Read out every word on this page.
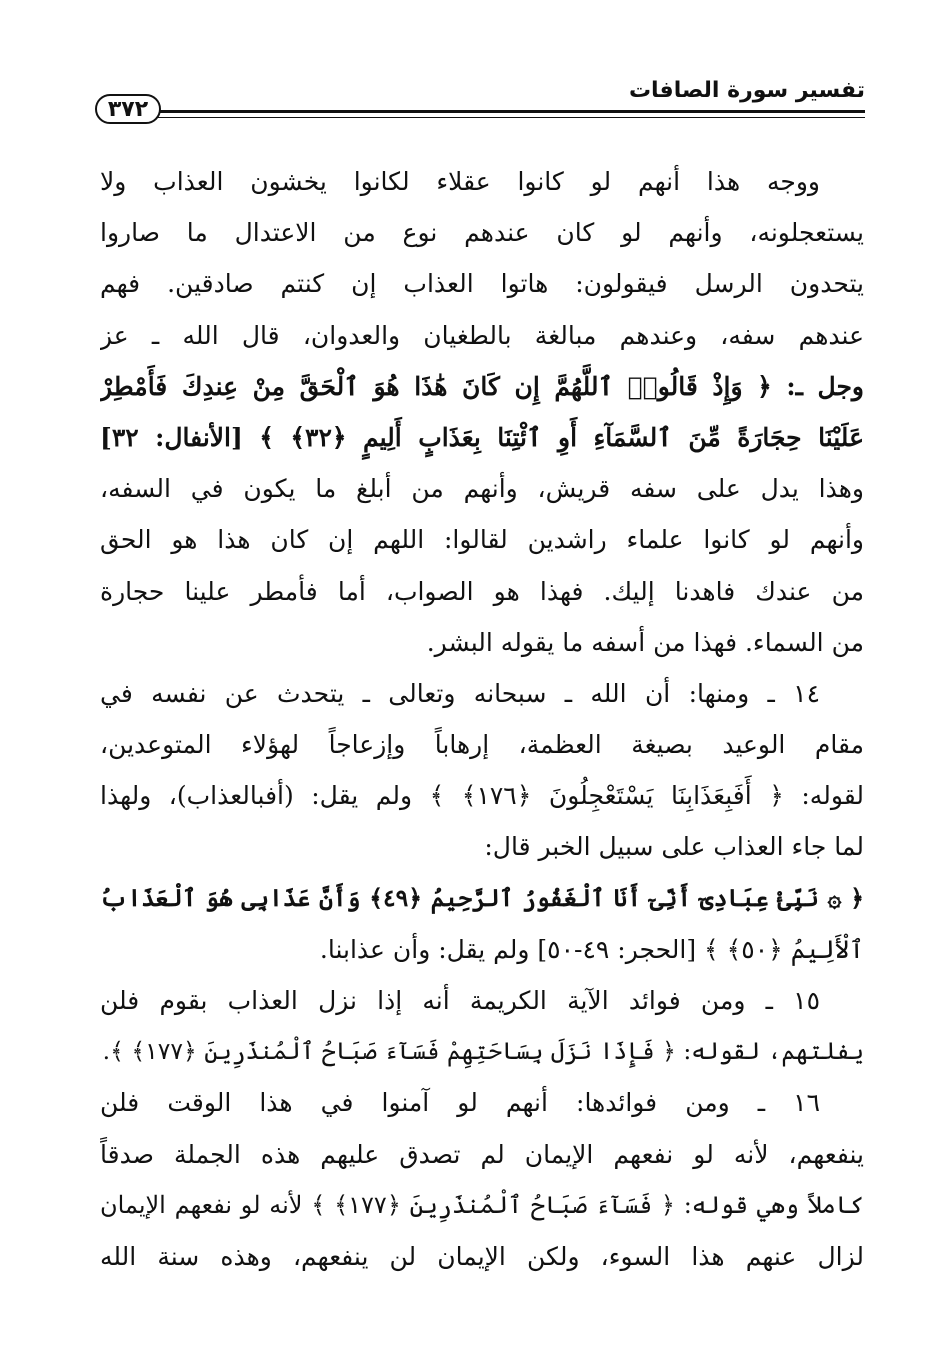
تفسير سورة الصافات
٣٧٢
ووجه هذا أنهم لو كانوا عقلاء لكانوا يخشون العذاب ولا
يستعجلونه، وأنهم لو كان عندهم نوع من الاعتدال ما صاروا
يتحدون الرسل فيقولون: هاتوا العذاب إن كنتم صادقين. فهم
عندهم سفه، وعندهم مبالغة بالطغيان والعدوان، قال الله ـ عز
وجل ـ: ﴿ وَإِذْ قَالُوا۟ ٱللَّهُمَّ إِن كَانَ هَٰذَا هُوَ ٱلْحَقَّ مِنْ عِندِكَ فَأَمْطِرْ
عَلَيْنَا حِجَارَةً مِّنَ ٱلسَّمَآءِ أَوِ ٱئْتِنَا بِعَذَابٍ أَلِيمٍ ﴿٣٢﴾ ﴾ [الأنفال: ٣٢]
وهذا يدل على سفه قريش، وأنهم من أبلغ ما يكون في السفه،
وأنهم لو كانوا علماء راشدين لقالوا: اللهم إن كان هذا هو الحق
من عندك فاهدنا إليك. فهذا هو الصواب، أما فأمطر علينا حجارة
من السماء. فهذا من أسفه ما يقوله البشر.
١٤ ـ ومنها: أن الله ـ سبحانه وتعالى ـ يتحدث عن نفسه في
مقام الوعيد بصيغة العظمة، إرهاباً وإزعاجاً لهؤلاء المتوعدين،
لقوله: ﴿ أَفَبِعَذَابِنَا يَسْتَعْجِلُونَ ﴿١٧٦﴾ ﴾ ولم يقل: (أفبالعذاب)، ولهذا
لما جاء العذاب على سبيل الخبر قال:
﴿ ۞ نَبِّئْ عِبَادِىٓ أَنِّىٓ أَنَا ٱلْغَفُورُ ٱلرَّحِيمُ ﴿٤٩﴾ وَأَنَّ عَذَابِى هُوَ ٱلْعَذَابُ
ٱلْأَلِيمُ ﴿٥٠﴾ ﴾ [الحجر: ٤٩-٥٠] ولم يقل: وأن عذابنا.
١٥ ـ ومن فوائد الآية الكريمة أنه إذا نزل العذاب بقوم فلن
يفلتهم، لقوله: ﴿ فَإِذَا نَزَلَ بِسَاحَتِهِمْ فَسَآءَ صَبَاحُ ٱلْمُنذَرِينَ ﴿١٧٧﴾ ﴾.
١٦ ـ ومن فوائدها: أنهم لو آمنوا في هذا الوقت فلن
ينفعهم، لأنه لو نفعهم الإيمان لم تصدق عليهم هذه الجملة صدقاً
كاملاً وهي قوله: ﴿ فَسَآءَ صَبَاحُ ٱلْمُنذَرِينَ ﴿١٧٧﴾ ﴾ لأنه لو نفعهم الإيمان
لزال عنهم هذا السوء، ولكن الإيمان لن ينفعهم، وهذه سنة الله
